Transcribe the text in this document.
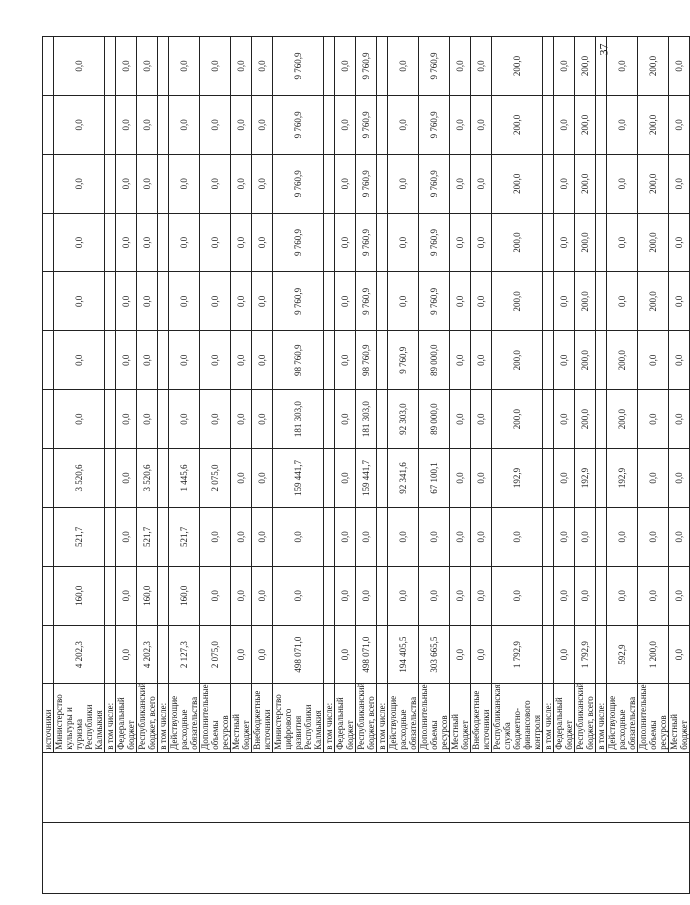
37
		источники											
		Министерство культуры и туризма Республики Калмыкия	4 202,3	160,0	521,7	3 520,6	0,0	0,0	0,0	0,0	0,0	0,0	0,0
		в том числе:											
		Федеральный бюджет	0,0	0,0	0,0	0,0	0,0	0,0	0,0	0,0	0,0	0,0	0,0
		Республиканский бюджет, всего	4 202,3	160,0	521,7	3 520,6	0,0	0,0	0,0	0,0	0,0	0,0	0,0
		в том числе:											
		Действующие расходные обязательства	2 127,3	160,0	521,7	1 445,6	0,0	0,0	0,0	0,0	0,0	0,0	0,0
		Дополнительные объемы ресурсов	2 075,0	0,0	0,0	2 075,0	0,0	0,0	0,0	0,0	0,0	0,0	0,0
		Местный бюджет	0,0	0,0	0,0	0,0	0,0	0,0	0,0	0,0	0,0	0,0	0,0
		Внебюджетные источники	0,0	0,0	0,0	0,0	0,0	0,0	0,0	0,0	0,0	0,0	0,0
		Министерство цифрового развития Республики Калмыкия	498 071,0	0,0	0,0	159 441,7	181 303,0	98 760,9	9 760,9	9 760,9	9 760,9	9 760,9	9 760,9
		в том числе:											
		Федеральный бюджет	0,0	0,0	0,0	0,0	0,0	0,0	0,0	0,0	0,0	0,0	0,0
		Республиканский бюджет, всего	498 071,0	0,0	0,0	159 441,7	181 303,0	98 760,9	9 760,9	9 760,9	9 760,9	9 760,9	9 760,9
		в том числе:											
		Действующие расходные обязательства	194 405,5	0,0	0,0	92 341,6	92 303,0	9 760,9	0,0	0,0	0,0	0,0	0,0
		Дополнительные объемы ресурсов	303 665,5	0,0	0,0	67 100,1	89 000,0	89 000,0	9 760,9	9 760,9	9 760,9	9 760,9	9 760,9
		Местный бюджет	0,0	0,0	0,0	0,0	0,0	0,0	0,0	0,0	0,0	0,0	0,0
		Внебюджетные источники	0,0	0,0	0,0	0,0	0,0	0,0	0,0	0,0	0,0	0,0	0,0
		Республиканская служба бюджетно-финансового контроля	1 792,9	0,0	0,0	192,9	200,0	200,0	200,0	200,0	200,0	200,0	200,0
		в том числе:											
		Федеральный бюджет	0,0	0,0	0,0	0,0	0,0	0,0	0,0	0,0	0,0	0,0	0,0
		Республиканский бюджет, всего	1 792,9	0,0	0,0	192,9	200,0	200,0	200,0	200,0	200,0	200,0	200,0
		в том числе:											
		Действующие расходные обязательства	592,9	0,0	0,0	192,9	200,0	200,0	0,0	0,0	0,0	0,0	0,0
		Дополнительные объемы ресурсов	1 200,0	0,0	0,0	0,0	0,0	0,0	200,0	200,0	200,0	200,0	200,0
		Местный бюджет	0,0	0,0	0,0	0,0	0,0	0,0	0,0	0,0	0,0	0,0	0,0
